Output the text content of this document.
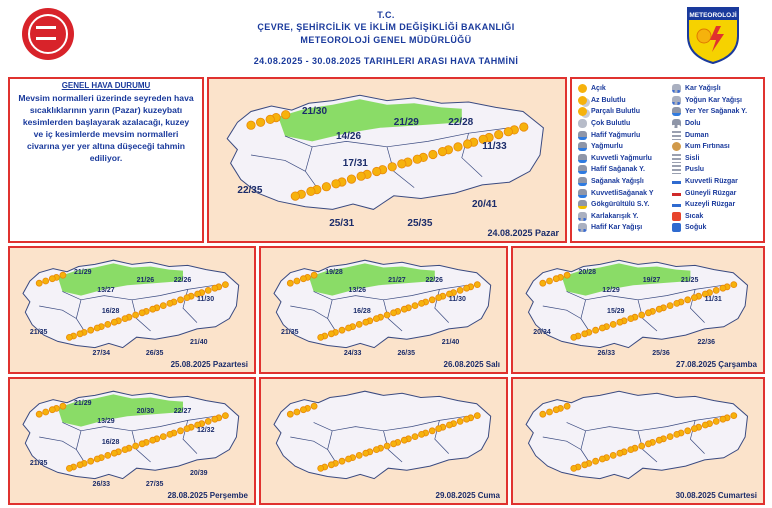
T.C.
ÇEVRE, ŞEHİRCİLİK VE İKLİM DEĞİŞİKLİĞİ BAKANLIĞI
METEOROLOJİ GENEL MÜDÜRLÜĞÜ
24.08.2025 - 30.08.2025 TARIHLERI ARASI HAVA TAHMİNİ
METEOROLOJİ
GENEL HAVA DURUMU
Mevsim normalleri üzerinde seyreden hava sıcaklıklarının yarın (Pazar) kuzeybatı kesimlerden başlayarak azalacağı, kuzey ve iç kesimlerde mevsim normalleri civarına yer yer altına düşeceği tahmin ediliyor.
21/30
14/26
21/29	22/28
17/31
11/33
22/35
20/41
25/31	25/35
24.08.2025 Pazar
Açık
Az Bulutlu
Parçalı Bulutlu
Çok Bulutlu
Hafif Yağmurlu
Yağmurlu
Kuvvetli Yağmurlu
Hafif Sağanak Y.
Sağanak Yağışlı
KuvvetliSağanak Y
Gökgürültülü S.Y.
Karlakarışık Y.
Hafif Kar Yağışı
Kar Yağışlı
Yoğun Kar Yağışı
Yer Yer Sağanak Y.
Dolu
Duman
Kum Fırtınası
Sisli
Puslu
Kuvvetli Rüzgar
Güneyli Rüzgar
Kuzeyli Rüzgar
Sıcak
Soğuk
21/29
13/27
21/26	22/26
16/28
11/30
21/35
21/40
27/34	26/35
25.08.2025 Pazartesi
19/28
13/26
21/27	22/26
16/28
11/30
21/35
21/40
24/33	26/35
26.08.2025 Salı
20/28
12/29
19/27	21/25
15/29
11/31
20/34
22/36
26/33	25/36
27.08.2025 Çarşamba
21/29
13/29
20/30	22/27
16/28
12/32
21/35
20/39
26/33	27/35
28.08.2025 Perşembe	29.08.2025 Cuma	30.08.2025 Cumartesi
